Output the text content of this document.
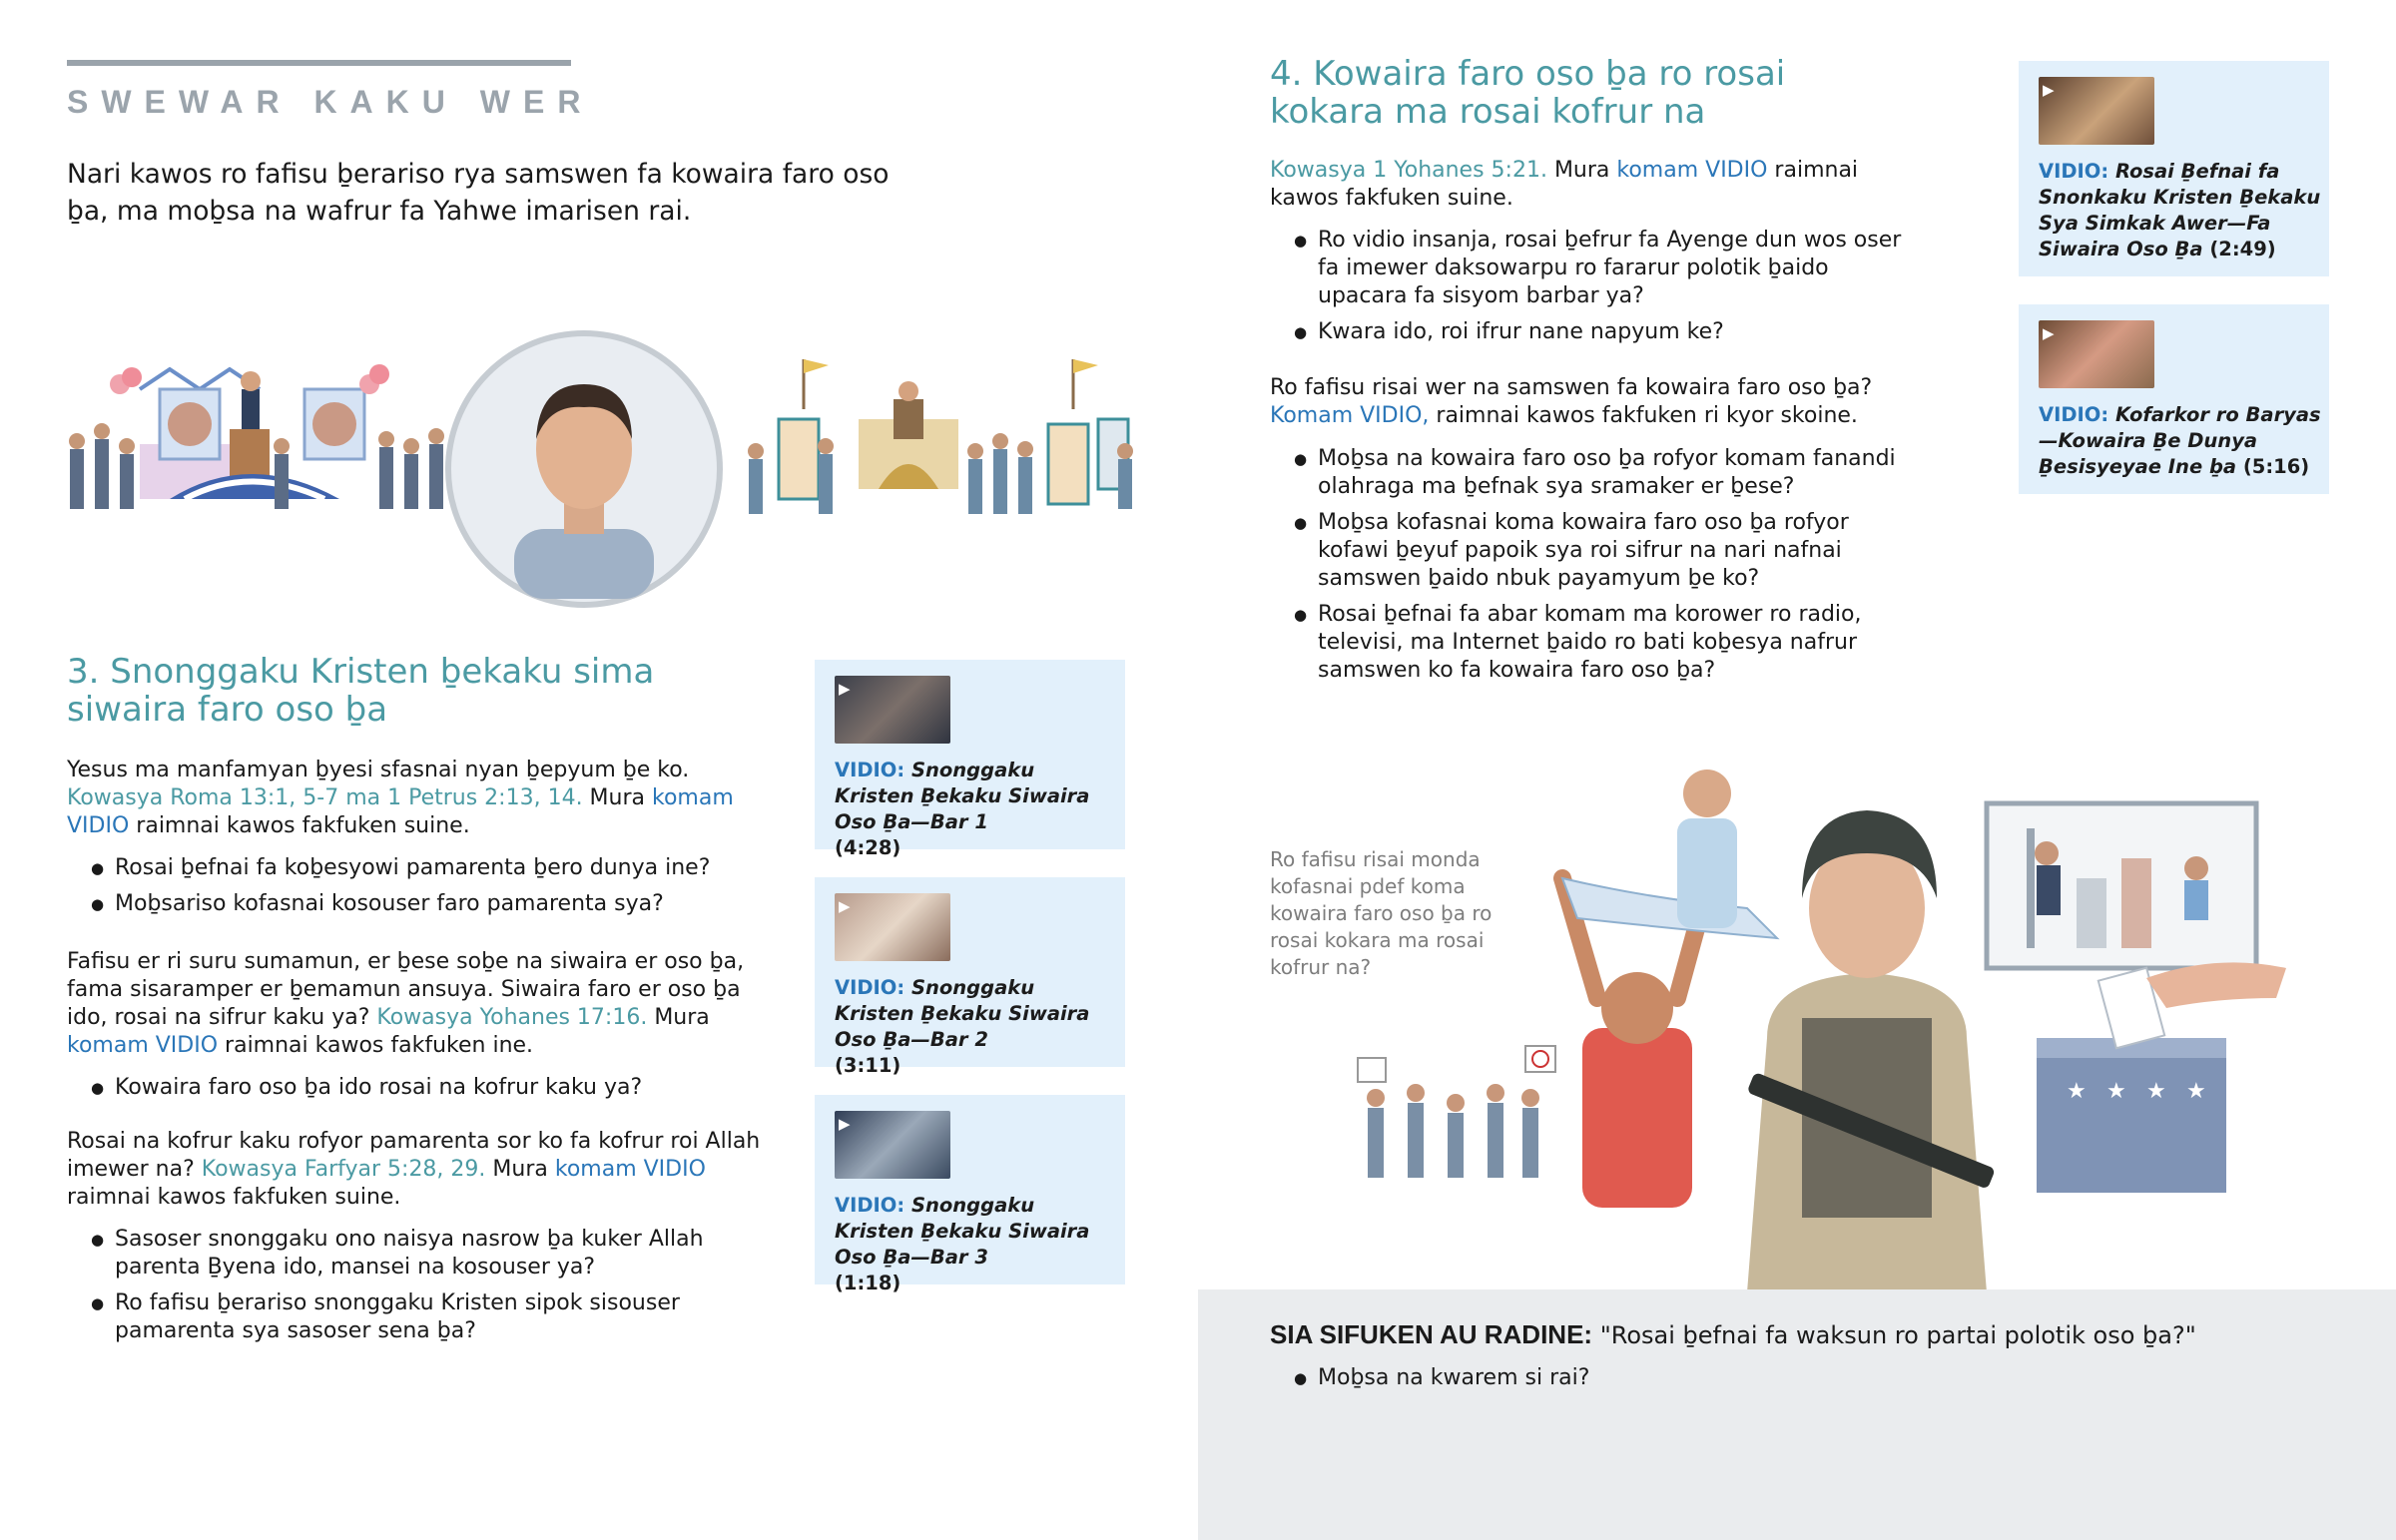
SWEWAR KAKU WER
Nari kawos ro fafisu ḇerariso rya samswen fa kowaira faro oso ḇa, ma moḇsa na wafrur fa Yahwe imarisen rai.
3. Snonggaku Kristen ḇekaku sima
siwaira faro oso ḇa

Yesus ma manfamyan ḇyesi sfasnai nyan ḇepyum ḇe ko. Kowasya Roma 13:1, 5-7 ma 1 Petrus 2:13, 14. Mura komam VIDIO raimnai kawos fakfuken suine.

● Rosai ḇefnai fa koḇesyowi pamarenta ḇero dunya ine?
● Moḇsariso kofasnai kosouser faro pamarenta sya?

Fafisu er ri suru sumamun, er ḇese soḇe na siwaira er oso ḇa, fama sisaramper er ḇemamun ansuya. Siwaira faro er oso ḇa ido, rosai na sifrur kaku ya? Kowasya Yohanes 17:16. Mura komam VIDIO raimnai kawos fakfuken ine.

● Kowaira faro oso ḇa ido rosai na kofrur kaku ya?

Rosai na kofrur kaku rofyor pamarenta sor ko fa kofrur roi Allah imewer na? Kowasya Farfyar 5:28, 29. Mura komam VIDIO raimnai kawos fakfuken suine.

● Sasoser snonggaku ono naisya nasrow ḇa kuker Allah parenta Ḇyena ido, mansei na kosouser ya?
● Ro fafisu ḇerariso snonggaku Kristen sipok sisouser pamarenta sya sasoser sena ḇa?
▶
VIDIO: Snonggaku Kristen Ḇekaku Siwaira Oso Ḇa—Bar 1
(4:28)
▶
VIDIO: Snonggaku Kristen Ḇekaku Siwaira Oso Ḇa—Bar 2
(3:11)
▶
VIDIO: Snonggaku Kristen Ḇekaku Siwaira Oso Ḇa—Bar 3
(1:18)
4. Kowaira faro oso ḇa ro rosai
kokara ma rosai kofrur na

Kowasya 1 Yohanes 5:21. Mura komam VIDIO raimnai kawos fakfuken suine.

● Ro vidio insanja, rosai ḇefrur fa Ayenge dun wos oser fa imewer daksowarpu ro fararur polotik ḇaido upacara fa sisyom barbar ya?
● Kwara ido, roi ifrur nane napyum ke?

Ro fafisu risai wer na samswen fa kowaira faro oso ḇa? Komam VIDIO, raimnai kawos fakfuken ri kyor skoine.

● Moḇsa na kowaira faro oso ḇa rofyor komam fanandi olahraga ma ḇefnak sya sramaker er ḇese?
● Moḇsa kofasnai koma kowaira faro oso ḇa rofyor kofawi ḇeyuf papoik sya roi sifrur na nari nafnai samswen ḇaido nbuk payamyum ḇe ko?
● Rosai ḇefnai fa abar komam ma korower ro radio, televisi, ma Internet ḇaido ro bati koḇesya nafrur samswen ko fa kowaira faro oso ḇa?
▶
VIDIO: Rosai Ḇefnai fa Snonkaku Kristen Ḇekaku Sya Simkak Awer—Fa Siwaira Oso Ḇa (2:49)
▶
VIDIO: Kofarkor ro Baryas —Kowaira Ḇe Dunya Ḇesisyeyae Ine ḇa (5:16)
Ro fafisu risai monda kofasnai pdef koma kowaira faro oso ḇa ro rosai kokara ma rosai kofrur na?
★ ★ ★ ★
SIA SIFUKEN AU RADINE: "Rosai ḇefnai fa waksun ro partai polotik oso ḇa?"
● Moḇsa na kwarem si rai?
